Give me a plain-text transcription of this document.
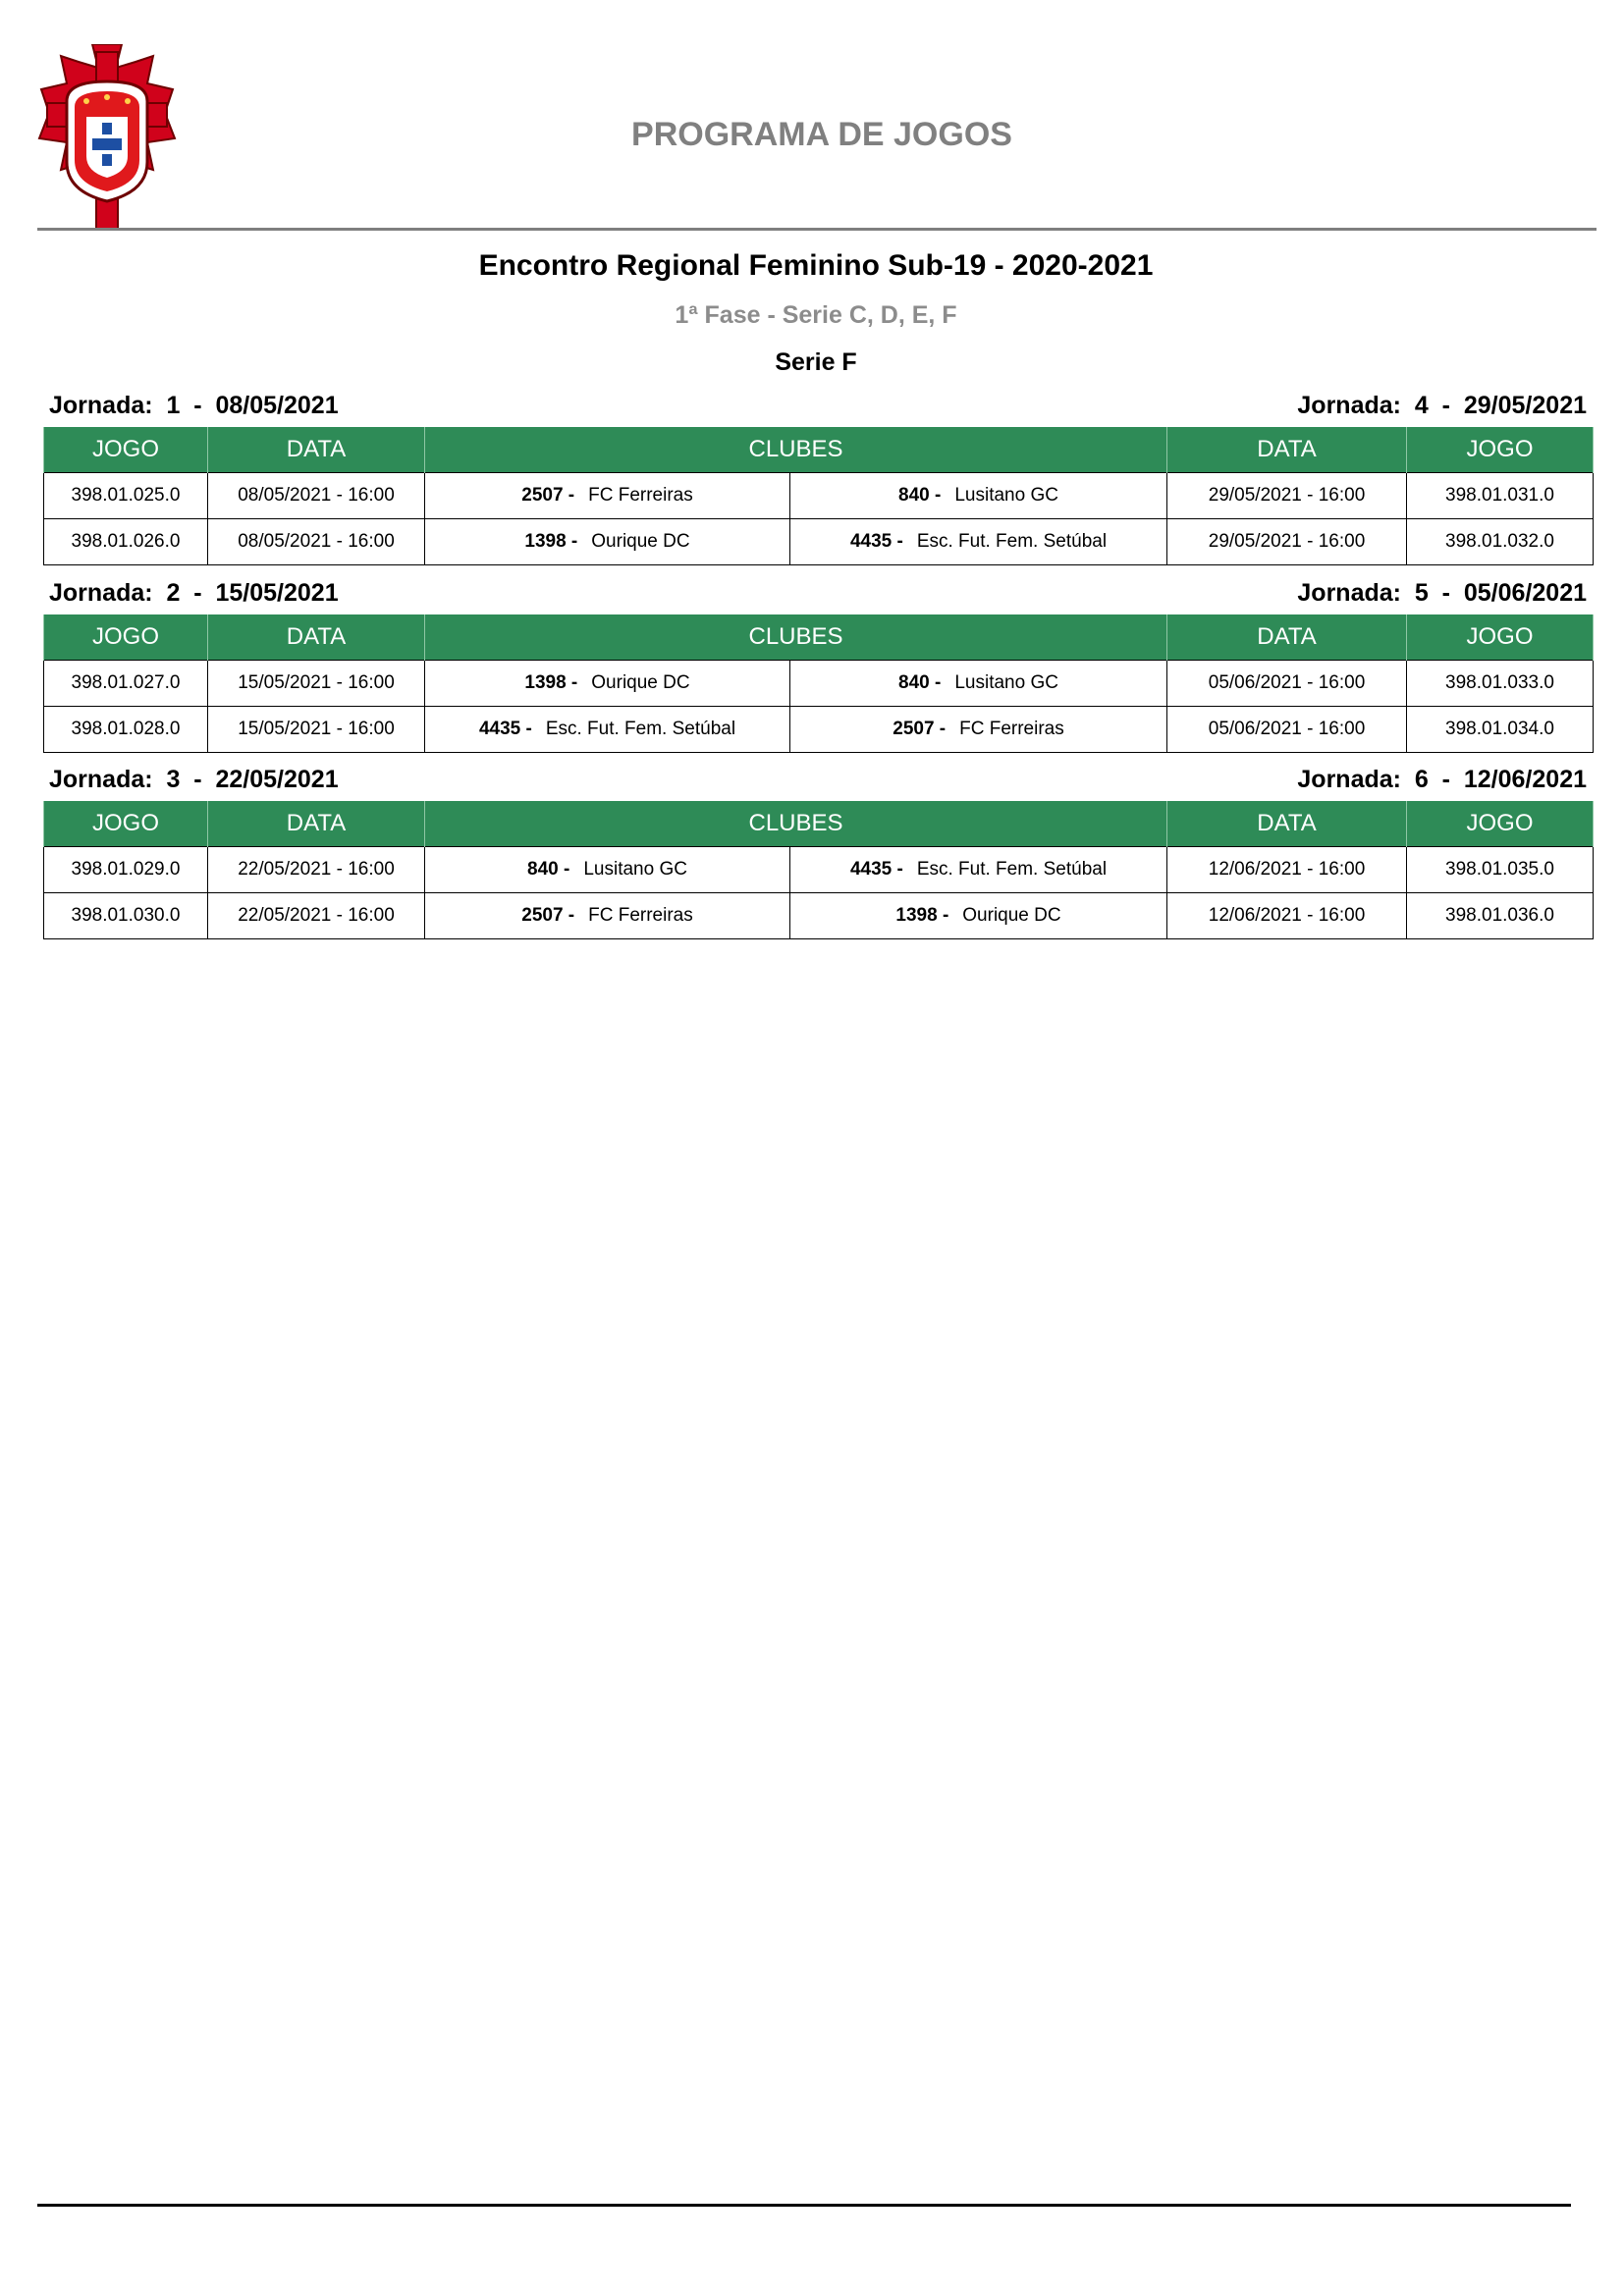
PROGRAMA DE JOGOS
Encontro Regional Feminino Sub-19 - 2020-2021
1ª Fase - Serie C, D, E, F
Serie F
Jornada:  1  -  08/05/2021	Jornada:  4  -  29/05/2021
JOGO	DATA	CLUBES		DATA	JOGO
398.01.025.0	08/05/2021 - 16:00	2507 - FC Ferreiras	840 - Lusitano GC	29/05/2021 - 16:00	398.01.031.0
398.01.026.0	08/05/2021 - 16:00	1398 - Ourique DC	4435 - Esc. Fut. Fem. Setúbal	29/05/2021 - 16:00	398.01.032.0
Jornada:  2  -  15/05/2021	Jornada:  5  -  05/06/2021
JOGO	DATA	CLUBES		DATA	JOGO
398.01.027.0	15/05/2021 - 16:00	1398 - Ourique DC	840 - Lusitano GC	05/06/2021 - 16:00	398.01.033.0
398.01.028.0	15/05/2021 - 16:00	4435 - Esc. Fut. Fem. Setúbal	2507 - FC Ferreiras	05/06/2021 - 16:00	398.01.034.0
Jornada:  3  -  22/05/2021	Jornada:  6  -  12/06/2021
JOGO	DATA	CLUBES		DATA	JOGO
398.01.029.0	22/05/2021 - 16:00	840 - Lusitano GC	4435 - Esc. Fut. Fem. Setúbal	12/06/2021 - 16:00	398.01.035.0
398.01.030.0	22/05/2021 - 16:00	2507 - FC Ferreiras	1398 - Ourique DC	12/06/2021 - 16:00	398.01.036.0
